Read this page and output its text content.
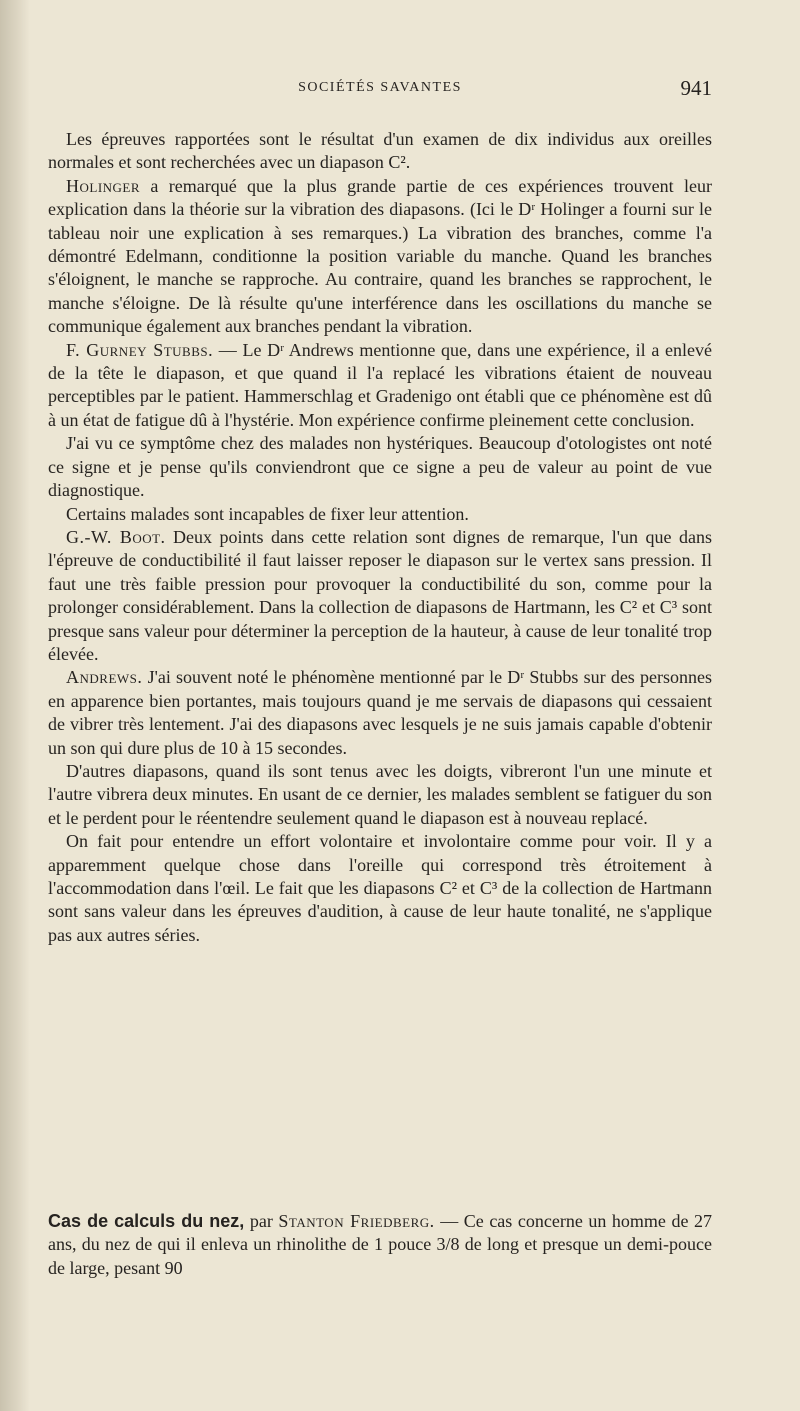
SOCIÉTÉS SAVANTES	941

Les épreuves rapportées sont le résultat d'un examen de dix individus aux oreilles normales et sont recherchées avec un diapason C².

Holinger a remarqué que la plus grande partie de ces expériences trouvent leur explication dans la théorie sur la vibration des diapasons. (Ici le Dʳ Holinger a fourni sur le tableau noir une explication à ses remarques.) La vibration des branches, comme l'a démontré Edelmann, conditionne la position variable du manche. Quand les branches s'éloignent, le manche se rapproche. Au contraire, quand les branches se rapprochent, le manche s'éloigne. De là résulte qu'une interférence dans les oscillations du manche se communique également aux branches pendant la vibration.

F. Gurney Stubbs. — Le Dʳ Andrews mentionne que, dans une expérience, il a enlevé de la tête le diapason, et que quand il l'a replacé les vibrations étaient de nouveau perceptibles par le patient. Hammerschlag et Gradenigo ont établi que ce phénomène est dû à un état de fatigue dû à l'hystérie. Mon expérience confirme pleinement cette conclusion.

J'ai vu ce symptôme chez des malades non hystériques. Beaucoup d'otologistes ont noté ce signe et je pense qu'ils conviendront que ce signe a peu de valeur au point de vue diagnostique.

Certains malades sont incapables de fixer leur attention.

G.-W. Boot. Deux points dans cette relation sont dignes de remarque, l'un que dans l'épreuve de conductibilité il faut laisser reposer le diapason sur le vertex sans pression. Il faut une très faible pression pour provoquer la conductibilité du son, comme pour la prolonger considérablement. Dans la collection de diapasons de Hartmann, les C² et C³ sont presque sans valeur pour déterminer la perception de la hauteur, à cause de leur tonalité trop élevée.

Andrews. J'ai souvent noté le phénomène mentionné par le Dʳ Stubbs sur des personnes en apparence bien portantes, mais toujours quand je me servais de diapasons qui cessaient de vibrer très lentement. J'ai des diapasons avec lesquels je ne suis jamais capable d'obtenir un son qui dure plus de 10 à 15 secondes.

D'autres diapasons, quand ils sont tenus avec les doigts, vibreront l'un une minute et l'autre vibrera deux minutes. En usant de ce dernier, les malades semblent se fatiguer du son et le perdent pour le réentendre seulement quand le diapason est à nouveau replacé.

On fait pour entendre un effort volontaire et involontaire comme pour voir. Il y a apparemment quelque chose dans l'oreille qui correspond très étroitement à l'accommodation dans l'œil. Le fait que les diapasons C² et C³ de la collection de Hartmann sont sans valeur dans les épreuves d'audition, à cause de leur haute tonalité, ne s'applique pas aux autres séries.

Cas de calculs du nez, par Stanton Friedberg. — Ce cas concerne un homme de 27 ans, du nez de qui il enleva un rhinolithe de 1 pouce 3/8 de long et presque un demi-pouce de large, pesant 90
